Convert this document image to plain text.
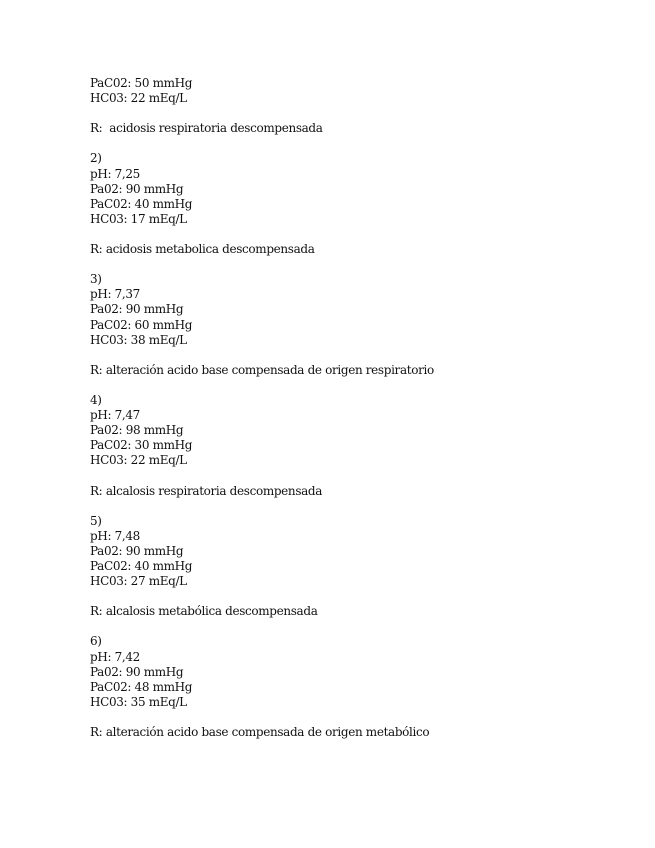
PaC02: 50 mmHg
HC03: 22 mEq/L
R:  acidosis respiratoria descompensada
2)
pH: 7,25
Pa02: 90 mmHg
PaC02: 40 mmHg
HC03: 17 mEq/L
R: acidosis metabolica descompensada
3)
pH: 7,37
Pa02: 90 mmHg
PaC02: 60 mmHg
HC03: 38 mEq/L
R: alteración acido base compensada de origen respiratorio
4)
pH: 7,47
Pa02: 98 mmHg
PaC02: 30 mmHg
HC03: 22 mEq/L
R: alcalosis respiratoria descompensada
5)
pH: 7,48
Pa02: 90 mmHg
PaC02: 40 mmHg
HC03: 27 mEq/L
R: alcalosis metabólica descompensada
6)
pH: 7,42
Pa02: 90 mmHg
PaC02: 48 mmHg
HC03: 35 mEq/L
R: alteración acido base compensada de origen metabólico
